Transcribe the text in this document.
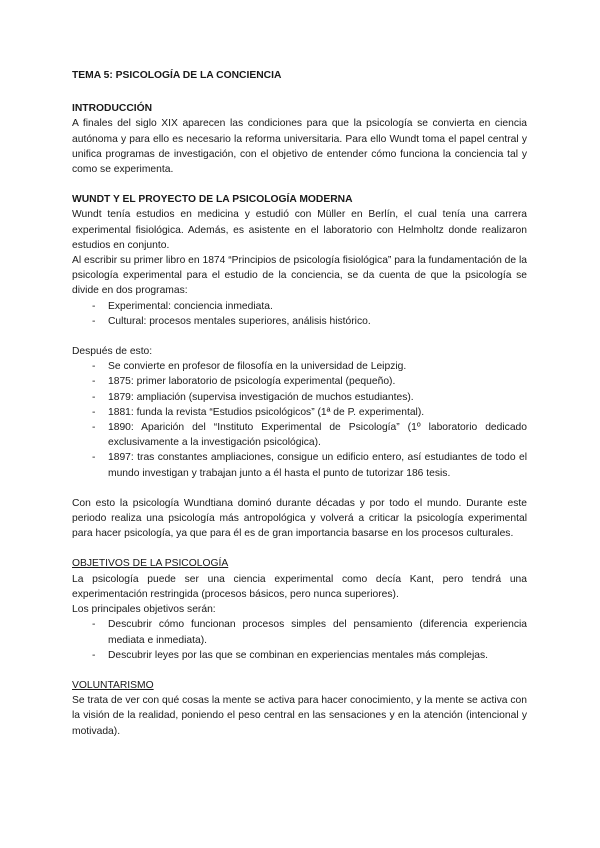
TEMA 5: PSICOLOGÍA DE LA CONCIENCIA
INTRODUCCIÓN

A finales del siglo XIX aparecen las condiciones para que la psicología se convierta en ciencia autónoma y para ello es necesario la reforma universitaria. Para ello Wundt toma el papel central y unifica programas de investigación, con el objetivo de entender cómo funciona la conciencia tal y como se experimenta.

WUNDT Y EL PROYECTO DE LA PSICOLOGÍA MODERNA

Wundt tenía estudios en medicina y estudió con Müller en Berlín, el cual tenía una carrera experimental fisiológica. Además, es asistente en el laboratorio con Helmholtz donde realizaron estudios en conjunto.

Al escribir su primer libro en 1874 “Principios de psicología fisiológica” para la fundamentación de la psicología experimental para el estudio de la conciencia, se da cuenta de que la psicología se divide en dos programas:

- Experimental: conciencia inmediata.
- Cultural: procesos mentales superiores, análisis histórico.

Después de esto:

- Se convierte en profesor de filosofía en la universidad de Leipzig.
- 1875: primer laboratorio de psicología experimental (pequeño).
- 1879: ampliación (supervisa investigación de muchos estudiantes).
- 1881: funda la revista “Estudios psicológicos” (1ª de P. experimental).
- 1890: Aparición del “Instituto Experimental de Psicología” (1º laboratorio dedicado exclusivamente a la investigación psicológica).
- 1897: tras constantes ampliaciones, consigue un edificio entero, así estudiantes de todo el mundo investigan y trabajan junto a él hasta el punto de tutorizar 186 tesis.

Con esto la psicología Wundtiana dominó durante décadas y por todo el mundo. Durante este periodo realiza una psicología más antropológica y volverá a criticar la psicología experimental para hacer psicología, ya que para él es de gran importancia basarse en los procesos culturales.

OBJETIVOS DE LA PSICOLOGÍA

La psicología puede ser una ciencia experimental como decía Kant, pero tendrá una experimentación restringida (procesos básicos, pero nunca superiores).

Los principales objetivos serán:

- Descubrir cómo funcionan procesos simples del pensamiento (diferencia experiencia mediata e inmediata).
- Descubrir leyes por las que se combinan en experiencias mentales más complejas.
VOLUNTARISMO

Se trata de ver con qué cosas la mente se activa para hacer conocimiento, y la mente se activa con la visión de la realidad, poniendo el peso central en las sensaciones y en la atención (intencional y motivada).
